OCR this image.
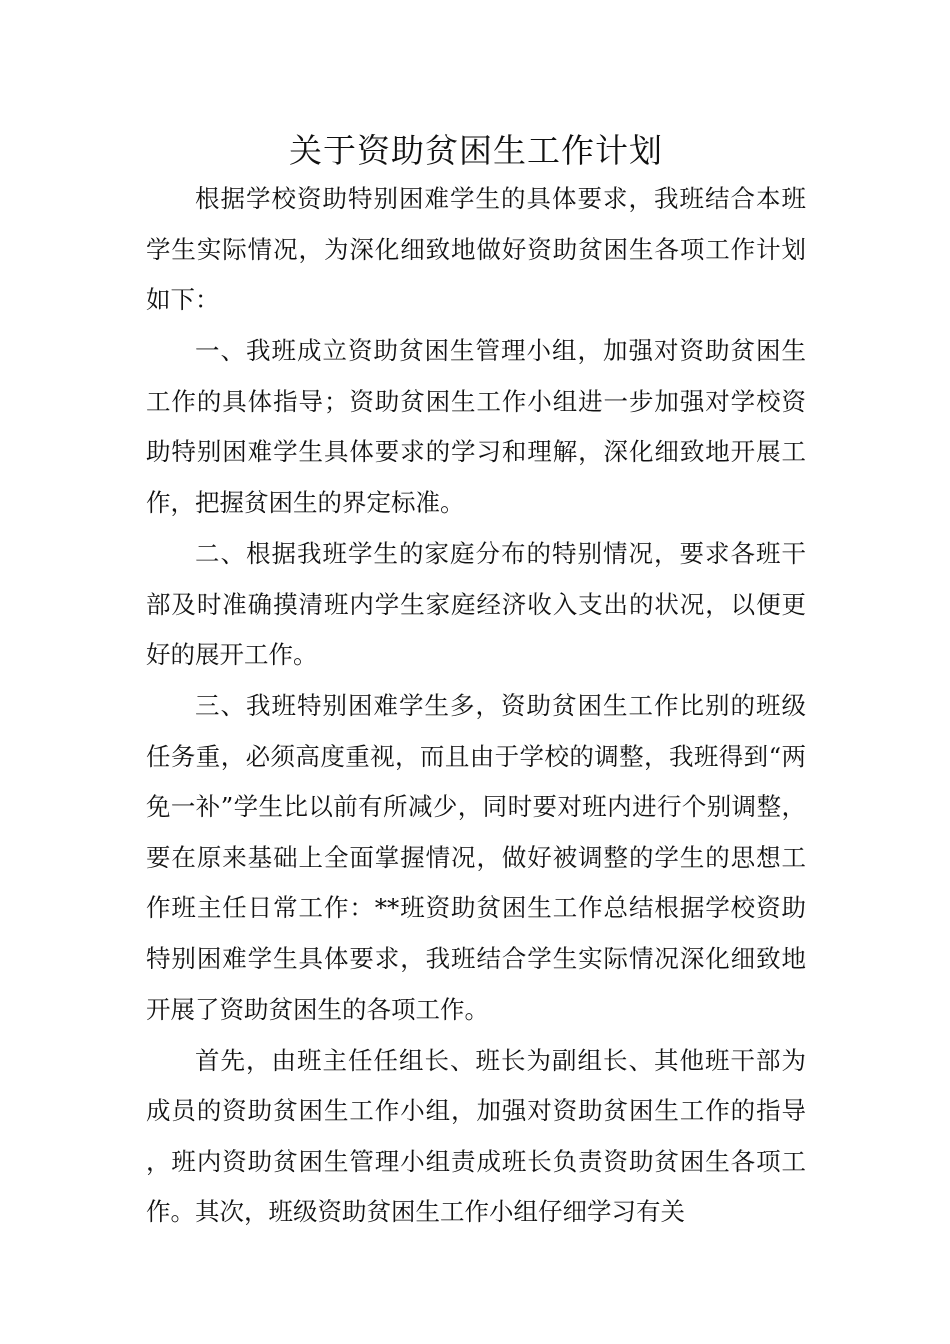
关于资助贫困生工作计划

根据学校资助特别困难学生的具体要求，我班结合本班学生实际情况，为深化细致地做好资助贫困生各项工作计划如下：

一、我班成立资助贫困生管理小组，加强对资助贫困生工作的具体指导；资助贫困生工作小组进一步加强对学校资助特别困难学生具体要求的学习和理解，深化细致地开展工作，把握贫困生的界定标准。

二、根据我班学生的家庭分布的特别情况，要求各班干部及时准确摸清班内学生家庭经济收入支出的状况，以便更好的展开工作。

三、我班特别困难学生多，资助贫困生工作比别的班级任务重，必须高度重视，而且由于学校的调整，我班得到“两免一补”学生比以前有所减少，同时要对班内进行个别调整，要在原来基础上全面掌握情况，做好被调整的学生的思想工作班主任日常工作：**班资助贫困生工作总结根据学校资助特别困难学生具体要求，我班结合学生实际情况深化细致地开展了资助贫困生的各项工作。

首先，由班主任任组长、班长为副组长、其他班干部为成员的资助贫困生工作小组，加强对资助贫困生工作的指导，班内资助贫困生管理小组责成班长负责资助贫困生各项工作。其次，班级资助贫困生工作小组仔细学习有关
